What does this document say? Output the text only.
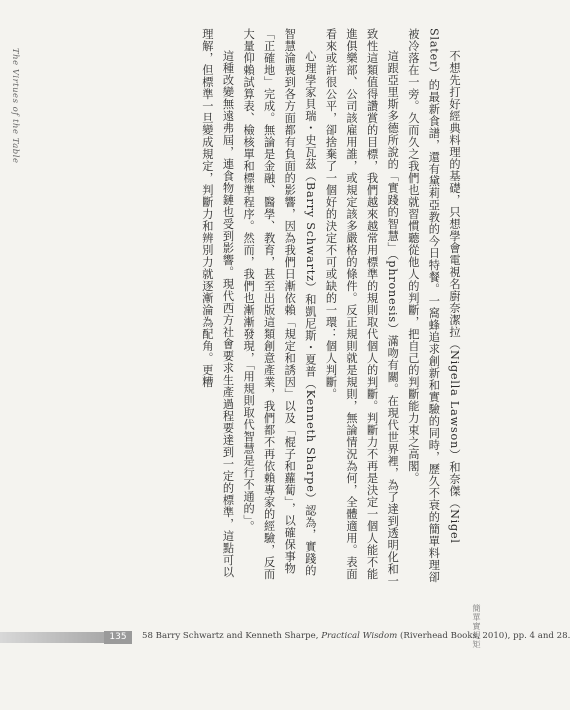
The Virtues of the Table	不想先打好經典料理的基礎，只想學會電視名廚奈潔拉（Nigella Lawson）和奈傑（Nigel Slater）的最新食譜，還有黛莉亞教的今日特餐。一窩蜂追求創新和實驗的同時，歷久不衰的簡單料理卻被冷落在一旁。久而久之我們也就習慣聽從他人的判斷，把自己的判斷能力束之高閣。

這跟亞里斯多德所說的「實踐的智慧」（phronesis）滿吻有關。在現代世界裡，為了達到透明化和一致性這類值得讚賞的目標，我們越來越常用標準的規則取代個人的判斷。判斷力不再是決定一個人能不能進俱樂部、公司該雇用誰，或規定該多嚴格的條件。反正規則就是規則，無論情況為何，全體適用。表面看來或許很公平，卻捨棄了一個好的決定不可或缺的一環：個人判斷。

心理學家貝瑞・史瓦茲（Barry Schwartz）和凱尼斯・夏普（Kenneth Sharpe）認為，實踐的智慧淪喪到各方面都有負面的影響，因為我們日漸依賴「規定和誘因」以及「棍子和蘿蔔」，以確保事物「正確地」完成。無論是金融、醫學、教育，甚至出版這類創意產業，我們都不再依賴專家的經驗，反而大量仰賴試算表、檢核單和標準程序。然而，我們也漸漸發現，「用規則取代智慧是行不通的」。

這種改變無遠弗屆，連食物鏈也受到影響。現代西方社會要求生產過程要達到一定的標準，這點可以理解，但標準一旦變成規定，判斷力和辨別力就逐漸淪為配角。更糟

簡單實規矩
135	58 Barry Schwartz and Kenneth Sharpe, Practical Wisdom (Riverhead Books, 2010), pp. 4 and 28.
